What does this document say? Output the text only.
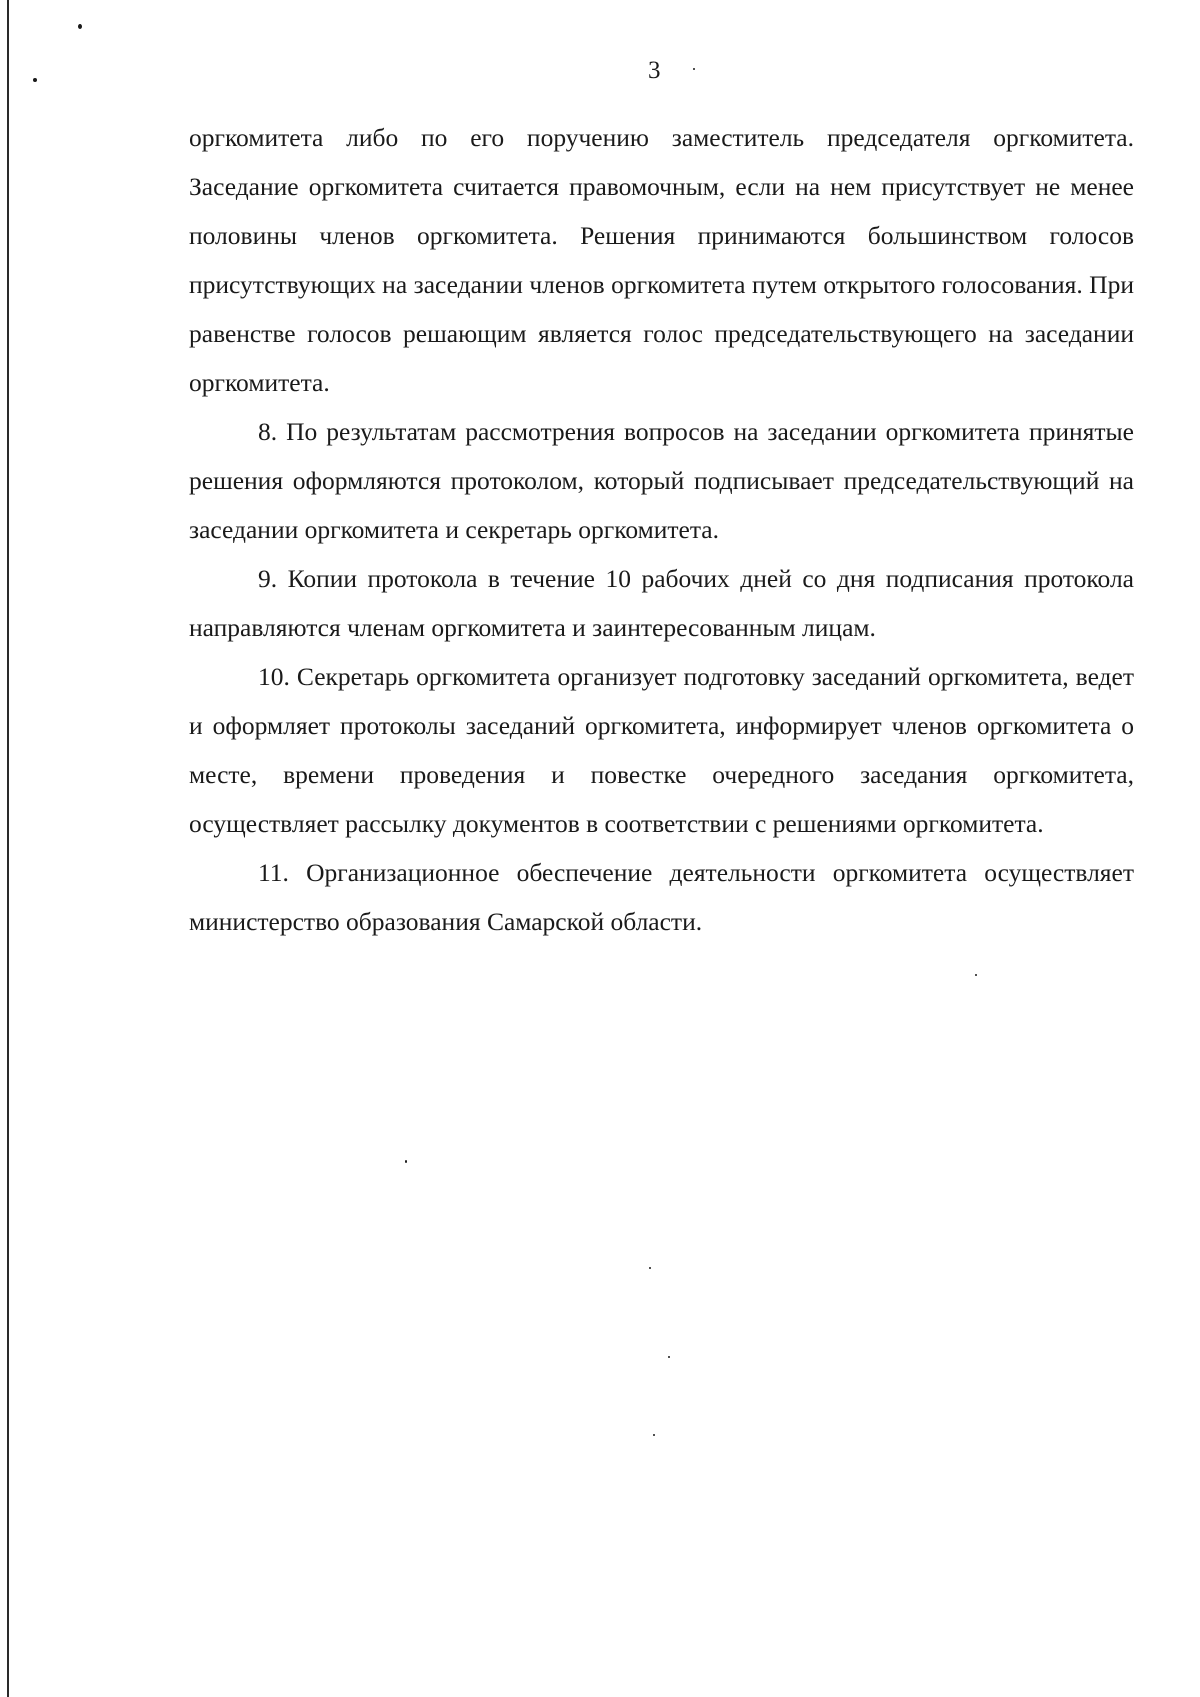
3

оргкомитета либо по его поручению заместитель председателя оргкомитета. Заседание оргкомитета считается правомочным, если на нем присутствует не менее половины членов оргкомитета. Решения принимаются большинством голосов присутствующих на заседании членов оргкомитета путем открытого голосования. При равенстве голосов решающим является голос председательствующего на заседании оргкомитета.

8. По результатам рассмотрения вопросов на заседании оргкомитета принятые решения оформляются протоколом, который подписывает председательствующий на заседании оргкомитета и секретарь оргкомитета.

9. Копии протокола в течение 10 рабочих дней со дня подписания протокола направляются членам оргкомитета и заинтересованным лицам.

10. Секретарь оргкомитета организует подготовку заседаний оргкомитета, ведет и оформляет протоколы заседаний оргкомитета, информирует членов оргкомитета о месте, времени проведения и повестке очередного заседания оргкомитета, осуществляет рассылку документов в соответствии с решениями оргкомитета.

11. Организационное обеспечение деятельности оргкомитета осуществляет министерство образования Самарской области.
